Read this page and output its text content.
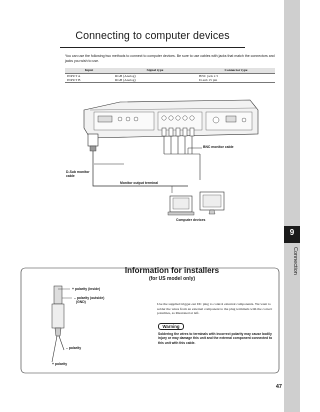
Connecting to computer devices
You can use the following two methods to connect to computer devices. Be sure to use cables with jacks that match the connectors and jacks you wish to use.
Input	Signal type	Connector type
INPUT A	RGB (Analog)	BNC jack x 5
INPUT B	RGB (Analog)	D-sub 15 pin
BNC monitor cable
D-Sub monitor
cable
Monitor output terminal
Computer devices
9
Connection
Information for installers
(for US model only)
+ polarity (inside)
– polarity (outside)
(GND)
– polarity
+ polarity
Use the supplied trigger-out DC plug to control external components. We want to solder the wires from an external component to the plug terminals with the correct polarities, as illustrated at left.
Warning
Soldering the wires to terminals with incorrect polarity may cause bodily injury or may damage this unit and the external component connected to this unit with this cable.
47
